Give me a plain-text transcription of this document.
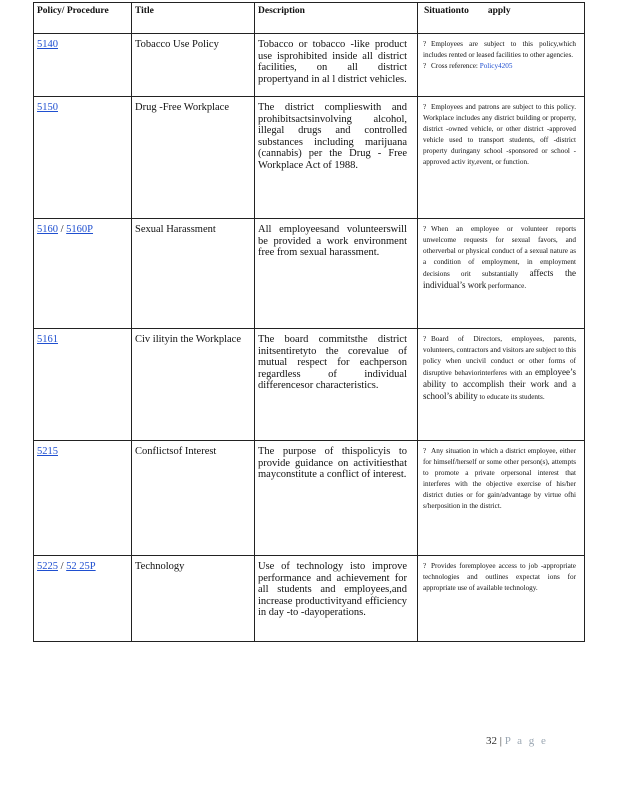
Policy/ Procedure	Title	Description	Situationto        apply
5140	Tobacco Use Policy	Tobacco or tobacco -like product use isprohibited inside all district facilities, on all district propertyand in al l district vehicles.	? Employees are subject to this policy,which includes rented or leased facilities to other agencies.
? Cross reference: Policy4205

5150	Drug -Free Workplace	The district complieswith and prohibitsactsinvolving alcohol, illegal drugs and controlled substances including marijuana (cannabis) per the Drug - Free Workplace Act of 1988.	? Employees and patrons are subject to this policy. Workplace includes any district building or property, district -owned vehicle, or other district -approved vehicle used to transport students, off -district property duringany school -sponsored or school -approved activ ity,event, or function.

5160 / 5160P	Sexual Harassment	All employeesand volunteerswill be provided a work environment free from sexual harassment.	? When an employee or volunteer reports unwelcome requests for sexual favors, and otherverbal or physical conduct of a sexual nature as a condition of employment, in employment decisions orit substantially affects the individual’s work performance.

5161	Civ ilityin the Workplace	The board commitsthe district initsentiretyto the corevalue of mutual respect for eachperson regardless of individual differencesor characteristics.	? Board of Directors, employees, parents, volunteers, contractors and visitors are subject to this policy when uncivil conduct or other forms of disruptive behaviorinterferes with an employee’s ability to accomplish their work and a school’s ability to educate its students.

5215	Conflictsof Interest	The purpose of thispolicyis to provide guidance on activitiesthat mayconstitute a conflict of interest.	? Any situation in which a district employee, either for himself/herself or some other person(s), attempts to promote a private orpersonal interest that interferes with the objective exercise of his/her district duties or for gain/advantage by virtue ofhi s/herposition in the district.

5225 / 52 25P	Technology	Use of technology isto improve performance and achievement for all students and employees,and increase productivityand efficiency in day -to -dayoperations.	? Provides foremployee access to job -appropriate technologies and outlines expectat ions for appropriate use of available technology.
32 | P a g e
